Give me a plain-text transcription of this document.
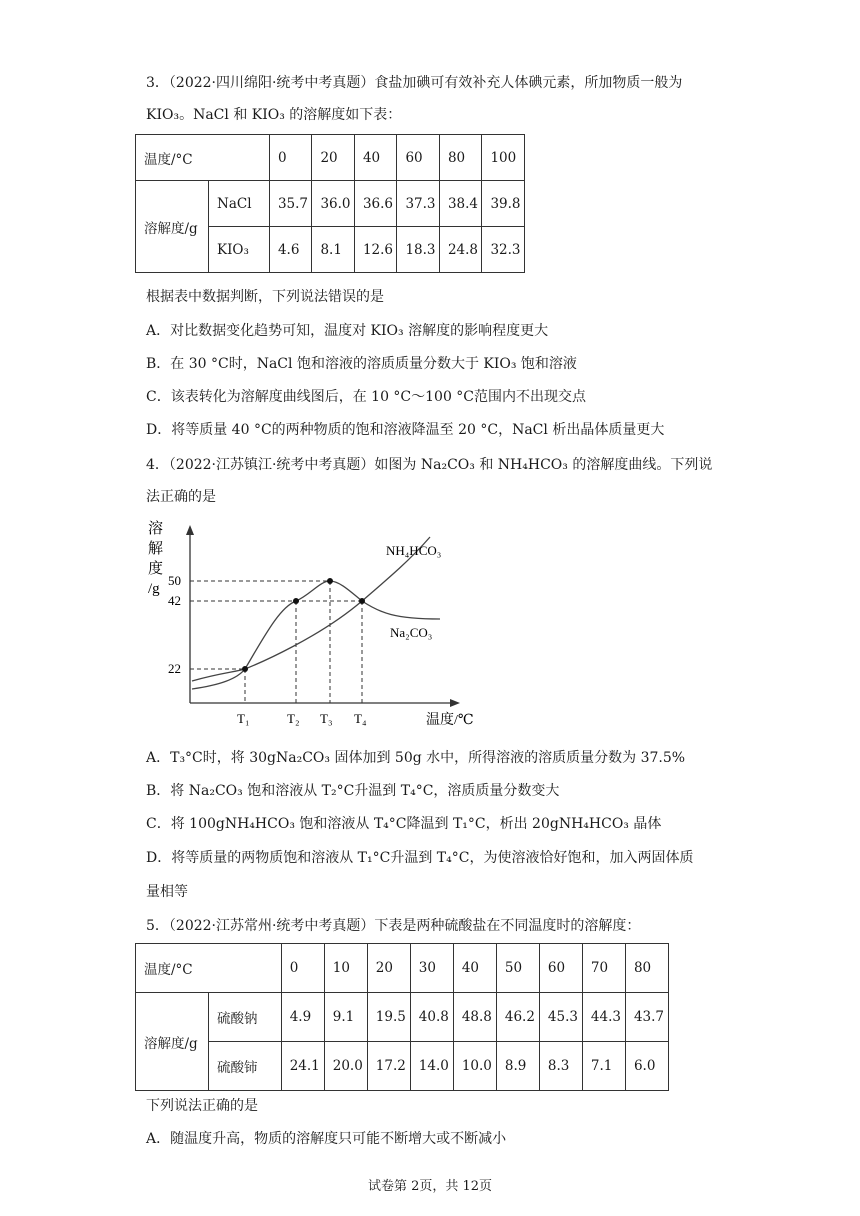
3．（2022·四川绵阳·统考中考真题）食盐加碘可有效补充人体碘元素，所加物质一般为
KIO₃。NaCl 和 KIO₃ 的溶解度如下表：
温度/°C		0	20	40	60	80	100
溶解度/g	NaCl	35.7	36.0	36.6	37.3	38.4	39.8
	KIO₃	4.6	8.1	12.6	18.3	24.8	32.3
根据表中数据判断，下列说法错误的是
A．对比数据变化趋势可知，温度对 KIO₃ 溶解度的影响程度更大
B．在 30 °C时，NaCl 饱和溶液的溶质质量分数大于 KIO₃ 饱和溶液
C．该表转化为溶解度曲线图后，在 10 °C～100 °C范围内不出现交点
D．将等质量 40 °C的两种物质的饱和溶液降温至 20 °C，NaCl 析出晶体质量更大
4．（2022·江苏镇江·统考中考真题）如图为 Na₂CO₃ 和 NH₄HCO₃ 的溶解度曲线。下列说
法正确的是
溶
解
度
/g
50
42
22
T₁	T₂ T₃ T₄	温度/℃
NH₄HCO₃
Na₂CO₃
A．T₃°C时，将 30gNa₂CO₃ 固体加到 50g 水中，所得溶液的溶质质量分数为 37.5%
B．将 Na₂CO₃ 饱和溶液从 T₂°C升温到 T₄°C，溶质质量分数变大
C．将 100gNH₄HCO₃ 饱和溶液从 T₄°C降温到 T₁°C，析出 20gNH₄HCO₃ 晶体
D．将等质量的两物质饱和溶液从 T₁°C升温到 T₄°C，为使溶液恰好饱和，加入两固体质
量相等
5．（2022·江苏常州·统考中考真题）下表是两种硫酸盐在不同温度时的溶解度：
温度/°C		0	10	20	30	40	50	60	70	80
溶解度/g	硫酸钠	4.9	9.1	19.5	40.8	48.8	46.2	45.3	44.3	43.7
	硫酸铈	24.1	20.0	17.2	14.0	10.0	8.9	8.3	7.1	6.0
下列说法正确的是
A．随温度升高，物质的溶解度只可能不断增大或不断减小
试卷第 2页，共 12页
